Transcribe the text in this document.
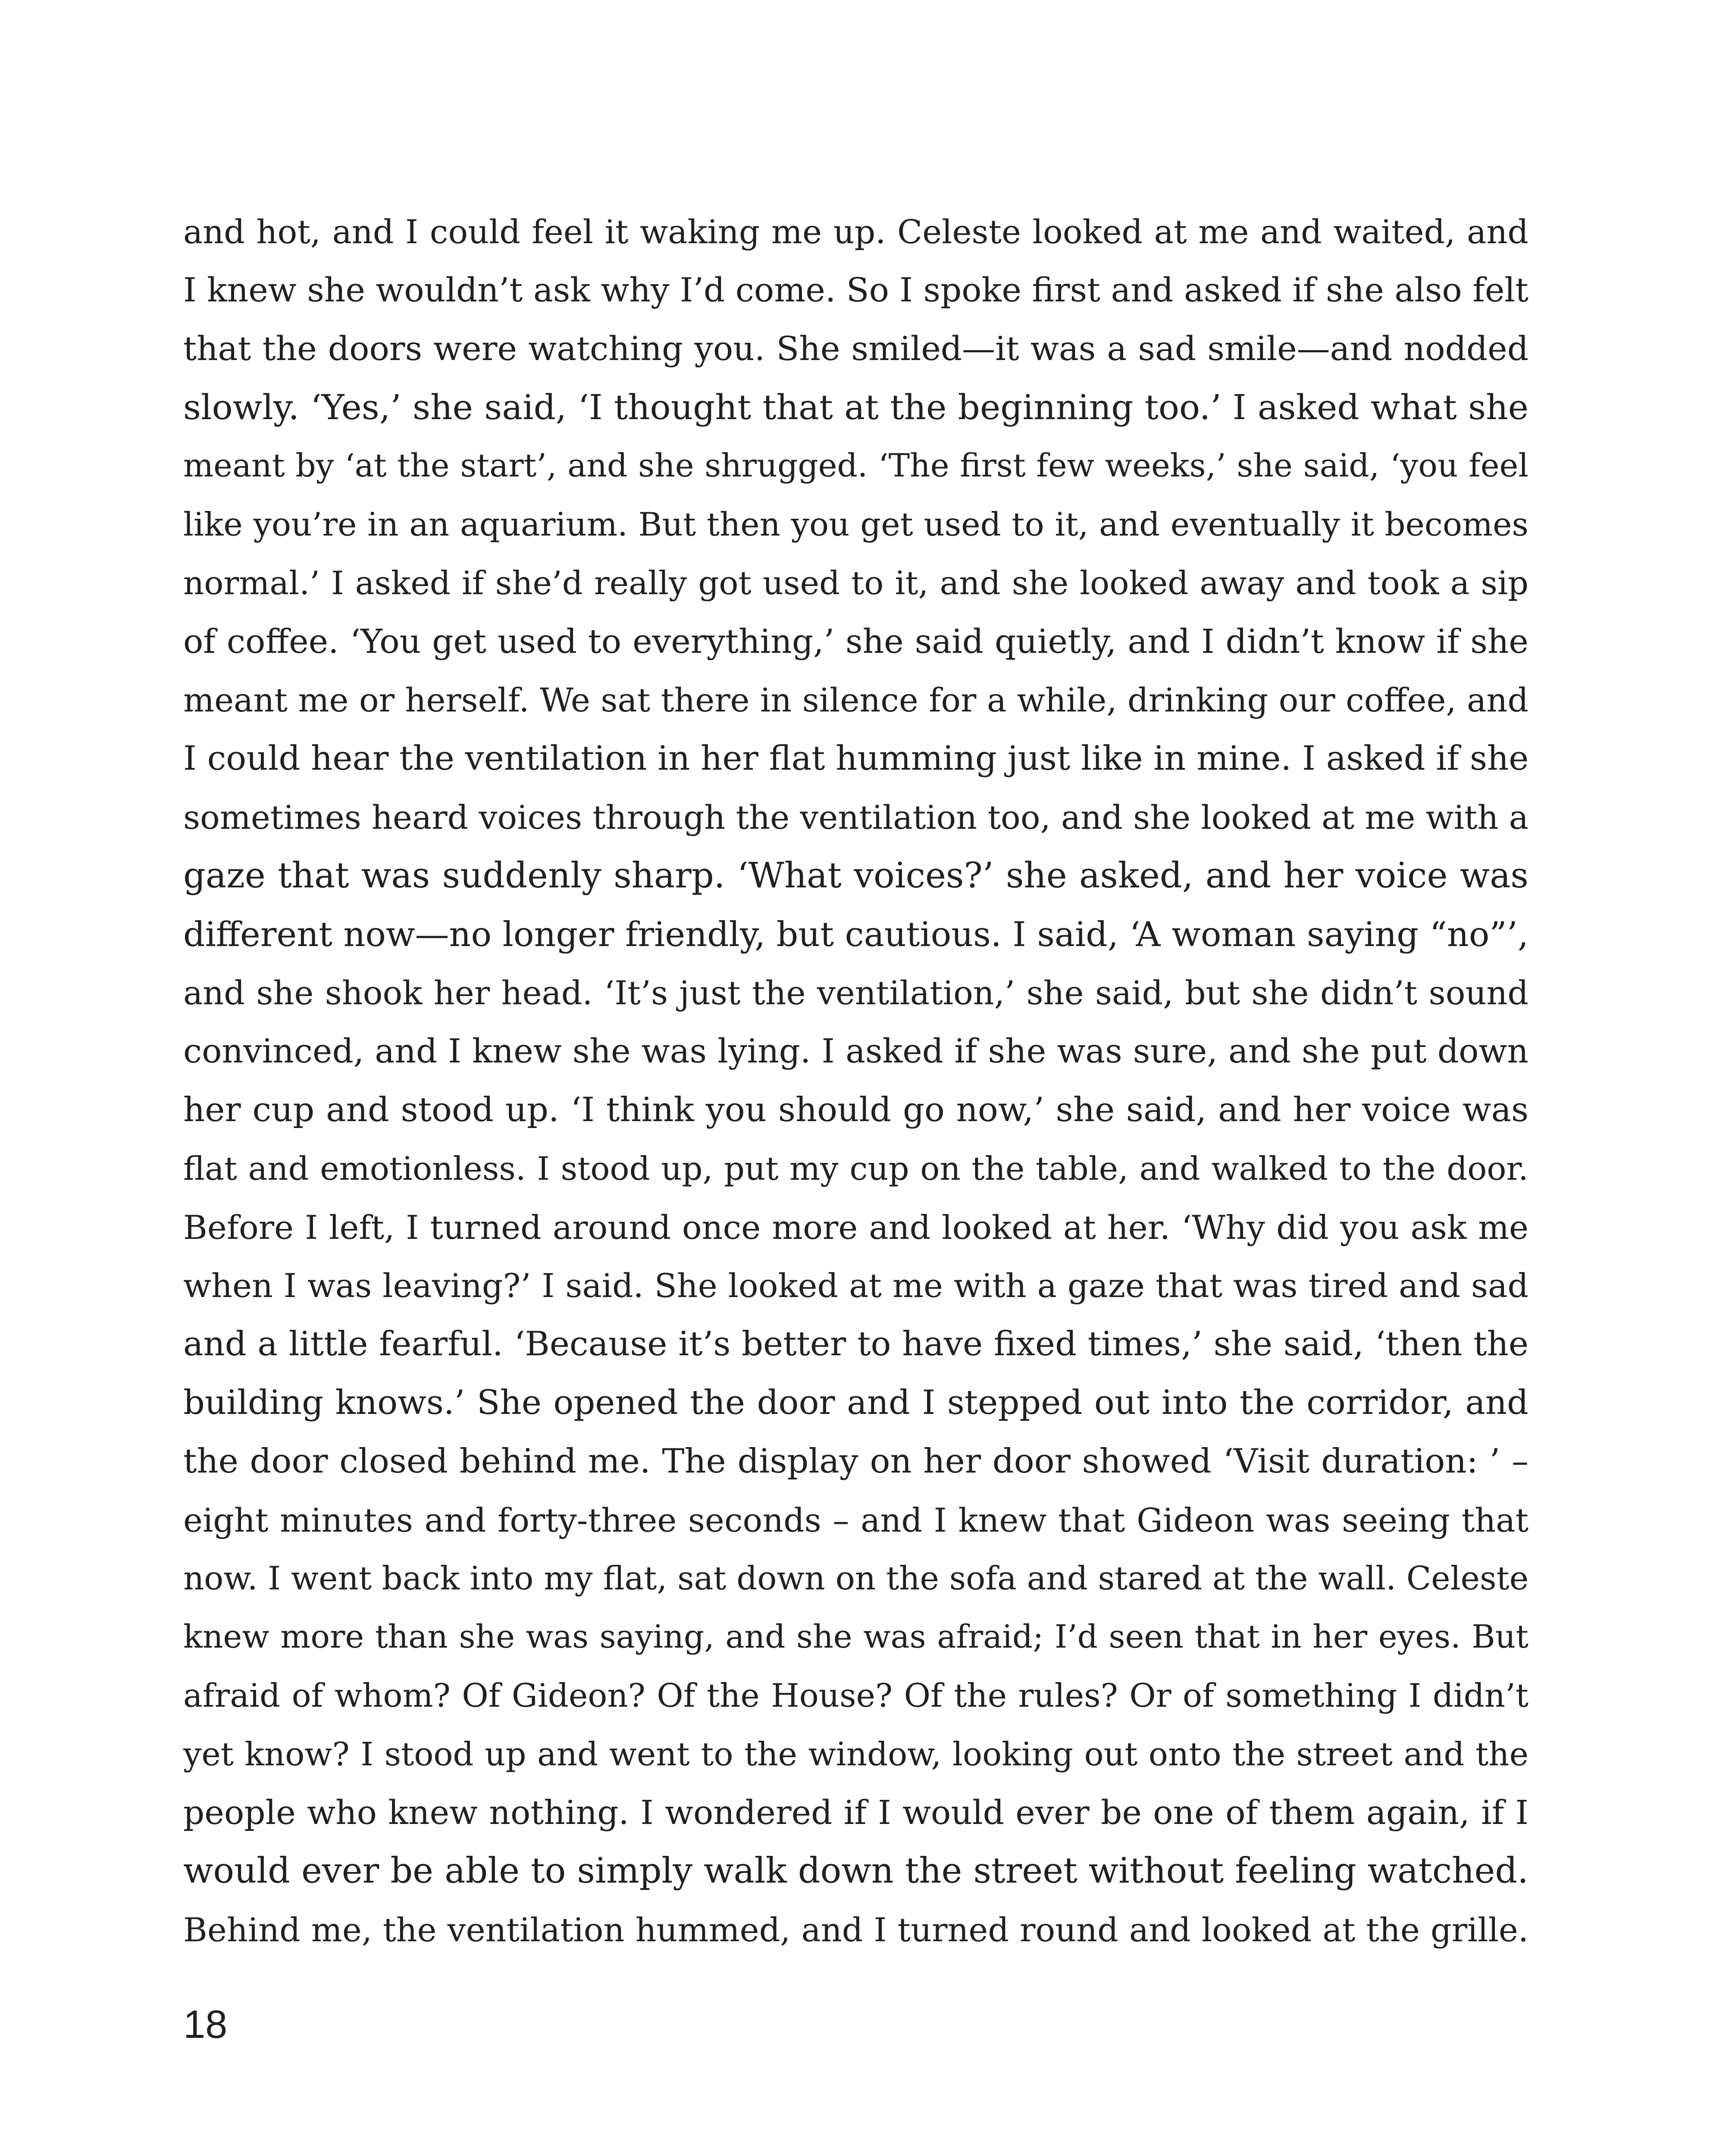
and hot, and I could feel it waking me up. Celeste looked at me and waited, and
I knew she wouldn’t ask why I’d come. So I spoke first and asked if she also felt
that the doors were watching you. She smiled—it was a sad smile—and nodded
slowly. ‘Yes,’ she said, ‘I thought that at the beginning too.’ I asked what she
meant by ‘at the start’, and she shrugged. ‘The first few weeks,’ she said, ‘you feel
like you’re in an aquarium. But then you get used to it, and eventually it becomes
normal.’ I asked if she’d really got used to it, and she looked away and took a sip
of coffee. ‘You get used to everything,’ she said quietly, and I didn’t know if she
meant me or herself. We sat there in silence for a while, drinking our coffee, and
I could hear the ventilation in her flat humming just like in mine. I asked if she
sometimes heard voices through the ventilation too, and she looked at me with a
gaze that was suddenly sharp. ‘What voices?’ she asked, and her voice was
different now—no longer friendly, but cautious. I said, ‘A woman saying “no”’,
and she shook her head. ‘It’s just the ventilation,’ she said, but she didn’t sound
convinced, and I knew she was lying. I asked if she was sure, and she put down
her cup and stood up. ‘I think you should go now,’ she said, and her voice was
flat and emotionless. I stood up, put my cup on the table, and walked to the door.
Before I left, I turned around once more and looked at her. ‘Why did you ask me
when I was leaving?’ I said. She looked at me with a gaze that was tired and sad
and a little fearful. ‘Because it’s better to have fixed times,’ she said, ‘then the
building knows.’ She opened the door and I stepped out into the corridor, and
the door closed behind me. The display on her door showed ‘Visit duration: ’ –
eight minutes and forty-three seconds – and I knew that Gideon was seeing that
now. I went back into my flat, sat down on the sofa and stared at the wall. Celeste
knew more than she was saying, and she was afraid; I’d seen that in her eyes. But
afraid of whom? Of Gideon? Of the House? Of the rules? Or of something I didn’t
yet know? I stood up and went to the window, looking out onto the street and the
people who knew nothing. I wondered if I would ever be one of them again, if I
would ever be able to simply walk down the street without feeling watched.
Behind me, the ventilation hummed, and I turned round and looked at the grille.
18
